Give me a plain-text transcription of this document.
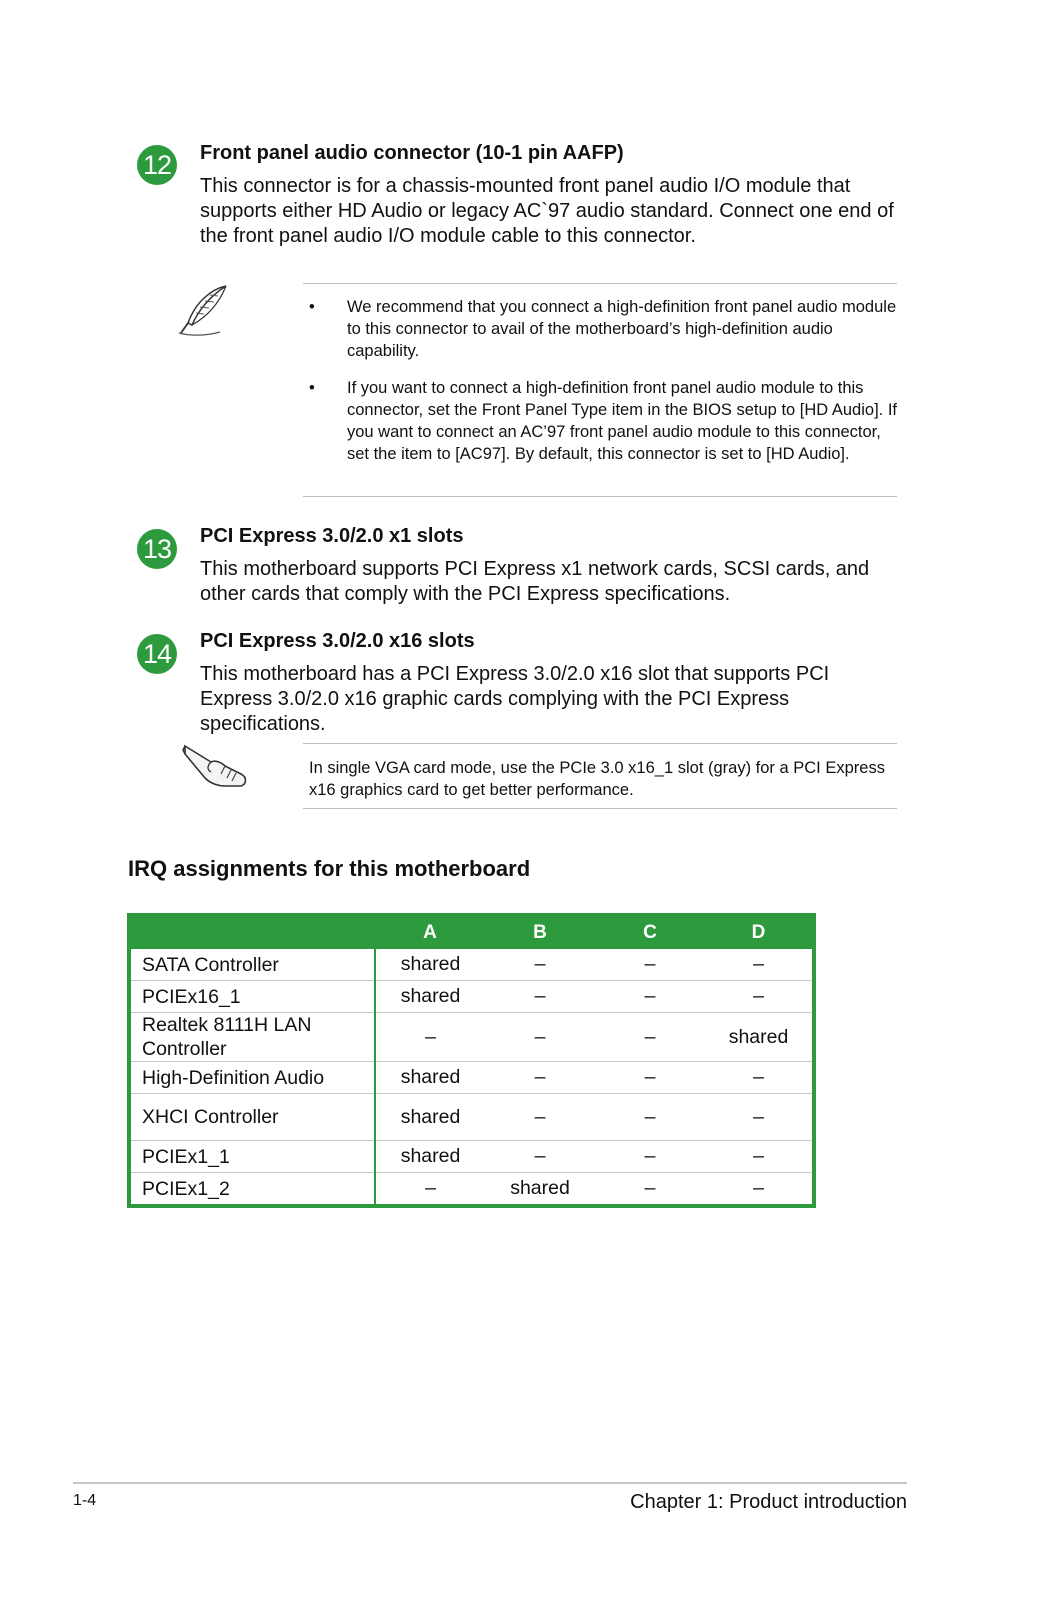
12 Front panel audio connector (10-1 pin AAFP)
This connector is for a chassis-mounted front panel audio I/O module that supports either HD Audio or legacy AC`97 audio standard. Connect one end of the front panel audio I/O module cable to this connector.
• We recommend that you connect a high-definition front panel audio module to this connector to avail of the motherboard’s high-definition audio capability.
• If you want to connect a high-definition front panel audio module to this connector, set the Front Panel Type item in the BIOS setup to [HD Audio]. If you want to connect an AC’97 front panel audio module to this connector, set the item to [AC97]. By default, this connector is set to [HD Audio].
13 PCI Express 3.0/2.0 x1 slots
This motherboard supports PCI Express x1 network cards, SCSI cards, and other cards that comply with the PCI Express specifications.
14 PCI Express 3.0/2.0 x16 slots
This motherboard has a PCI Express 3.0/2.0 x16 slot that supports PCI Express 3.0/2.0 x16 graphic cards complying with the PCI Express specifications.
In single VGA card mode, use the PCIe 3.0 x16_1 slot (gray) for a PCI Express x16 graphics card to get better performance.
IRQ assignments for this motherboard
	A	B	C	D
SATA Controller	shared	–	–	–
PCIEx16_1	shared	–	–	–
Realtek 8111H LAN Controller	–	–	–	shared
High-Definition Audio	shared	–	–	–
XHCI Controller	shared	–	–	–
PCIEx1_1	shared	–	–	–
PCIEx1_2	–	shared	–	–
1-4	Chapter 1: Product introduction
